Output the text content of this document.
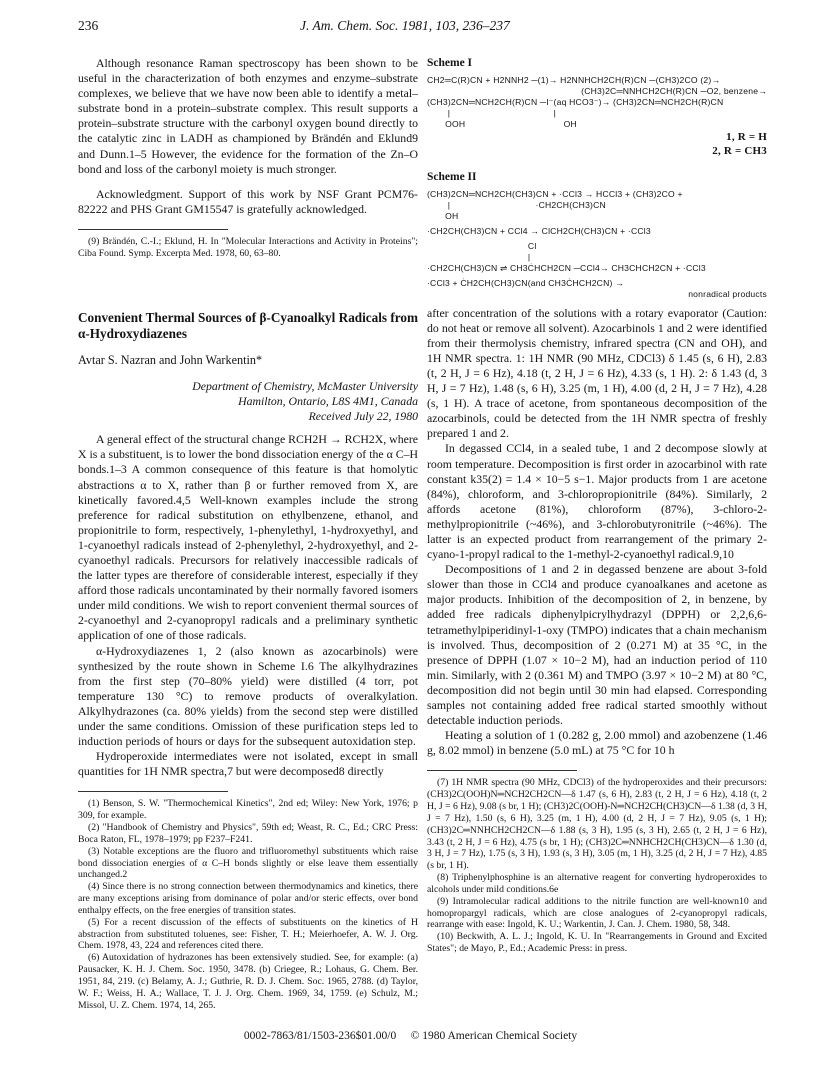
236	J. Am. Chem. Soc. 1981, 103, 236–237

Although resonance Raman spectroscopy has been shown to be useful in the characterization of both enzymes and enzyme–substrate complexes, we believe that we have now been able to identify a metal–substrate bond in a protein–substrate complex. This result supports a protein–substrate structure with the carbonyl oxygen bound directly to the catalytic zinc in LADH as championed by Brändén and Eklund9 and Dunn.1–5 However, the evidence for the formation of the Zn–O bond and loss of the carbonyl moiety is much stronger.

Acknowledgment. Support of this work by NSF Grant PCM76-82222 and PHS Grant GM15547 is gratefully acknowledged.

(9) Brändén, C.-I.; Eklund, H. In "Molecular Interactions and Activity in Proteins"; Ciba Found. Symp. Excerpta Med. 1978, 60, 63–80.

Convenient Thermal Sources of β-Cyanoalkyl Radicals from α-Hydroxydiazenes
Avtar S. Nazran and John Warkentin*
Department of Chemistry, McMaster University
Hamilton, Ontario, L8S 4M1, Canada
Received July 22, 1980

A general effect of the structural change RCH2H → RCH2X, where X is a substituent, is to lower the bond dissociation energy of the α C–H bonds.1–3 A common consequence of this feature is that homolytic abstractions α to X, rather than β or further removed from X, are kinetically favored.4,5 Well-known examples include the strong preference for radical substitution on ethylbenzene, ethanol, and propionitrile to form, respectively, 1-phenylethyl, 1-hydroxyethyl, and 1-cyanoethyl radicals instead of 2-phenylethyl, 2-hydroxyethyl, and 2-cyanoethyl radicals. Precursors for relatively inaccessible radicals of the latter types are therefore of considerable interest, especially if they afford those radicals uncontaminated by their normally favored isomers under mild conditions. We wish to report convenient thermal sources of 2-cyanoethyl and 2-cyanopropyl radicals and a preliminary synthetic application of one of those radicals.

α-Hydroxydiazenes 1, 2 (also known as azocarbinols) were synthesized by the route shown in Scheme I.6 The alkylhydrazines from the first step (70–80% yield) were distilled (4 torr, pot temperature 130 °C) to remove products of overalkylation. Alkylhydrazones (ca. 80% yields) from the second step were distilled under the same conditions. Omission of these purification steps led to induction periods of hours or days for the subsequent autoxidation step.

Hydroperoxide intermediates were not isolated, except in small quantities for 1H NMR spectra,7 but were decomposed8 directly

(1) Benson, S. W. "Thermochemical Kinetics", 2nd ed; Wiley: New York, 1976; p 309, for example.

(2) "Handbook of Chemistry and Physics", 59th ed; Weast, R. C., Ed.; CRC Press: Boca Raton, FL, 1978–1979; pp F237–F241.

(3) Notable exceptions are the fluoro and trifluoromethyl substituents which raise bond dissociation energies of α C–H bonds slightly or else leave them essentially unchanged.2

(4) Since there is no strong connection between thermodynamics and kinetics, there are many exceptions arising from dominance of polar and/or steric effects, over bond enthalpy effects, on the free energies of transition states.

(5) For a recent discussion of the effects of substituents on the kinetics of H abstraction from substituted toluenes, see: Fisher, T. H.; Meierhoefer, A. W. J. Org. Chem. 1978, 43, 224 and references cited there.

(6) Autoxidation of hydrazones has been extensively studied. See, for example: (a) Pausacker, K. H. J. Chem. Soc. 1950, 3478. (b) Criegee, R.; Lohaus, G. Chem. Ber. 1951, 84, 219. (c) Belamy, A. J.; Guthrie, R. D. J. Chem. Soc. 1965, 2788. (d) Taylor, W. F.; Weiss, H. A.; Wallace, T. J. J. Org. Chem. 1969, 34, 1759. (e) Schulz, M.; Missol, U. Z. Chem. 1974, 14, 265.

Scheme I
CH2═C(R)CN + H2NNH2 ─(1)→ H2NNHCH2CH(R)CN ─(CH3)2CO (2)→
(CH3)2C═NNHCH2CH(R)CN ─O2, benzene→
(CH3)2CN═NCH2CH(R)CN ─I⁻(aq HCO3⁻)→ (CH3)2CN═NCH2CH(R)CN
|                                        |
OOH                                      OH
1, R = H
2, R = CH3
Scheme II
(CH3)2CN═NCH2CH(CH3)CN + ·CCl3 → HCCl3 + (CH3)2CO +
|                                 ·CH2CH(CH3)CN
OH
·CH2CH(CH3)CN + CCl4 → ClCH2CH(CH3)CN + ·CCl3
Cl
|
·CH2CH(CH3)CN ⇌ CH3ĊHCH2CN ─CCl4→ CH3CHCH2CN + ·CCl3
·CCl3 + ĊH2CH(CH3)CN(and CH3ĊHCH2CN) →
nonradical products

after concentration of the solutions with a rotary evaporator (Caution: do not heat or remove all solvent). Azocarbinols 1 and 2 were identified from their thermolysis chemistry, infrared spectra (CN and OH), and 1H NMR spectra. 1: 1H NMR (90 MHz, CDCl3) δ 1.45 (s, 6 H), 2.83 (t, 2 H, J = 6 Hz), 4.18 (t, 2 H, J = 6 Hz), 4.33 (s, 1 H). 2: δ 1.43 (d, 3 H, J = 7 Hz), 1.48 (s, 6 H), 3.25 (m, 1 H), 4.00 (d, 2 H, J = 7 Hz), 4.28 (s, 1 H). A trace of acetone, from spontaneous decomposition of the azocarbinols, could be detected from the 1H NMR spectra of freshly prepared 1 and 2.

In degassed CCl4, in a sealed tube, 1 and 2 decompose slowly at room temperature. Decomposition is first order in azocarbinol with rate constant k35(2) = 1.4 × 10−5 s−1. Major products from 1 are acetone (84%), chloroform, and 3-chloropropionitrile (84%). Similarly, 2 affords acetone (81%), chloroform (87%), 3-chloro-2-methylpropionitrile (~46%), and 3-chlorobutyronitrile (~46%). The latter is an expected product from rearrangement of the primary 2-cyano-1-propyl radical to the 1-methyl-2-cyanoethyl radical.9,10

Decompositions of 1 and 2 in degassed benzene are about 3-fold slower than those in CCl4 and produce cyanoalkanes and acetone as major products. Inhibition of the decomposition of 2, in benzene, by added free radicals diphenylpicrylhydrazyl (DPPH) or 2,2,6,6-tetramethylpiperidinyl-1-oxy (TMPO) indicates that a chain mechanism is involved. Thus, decomposition of 2 (0.271 M) at 35 °C, in the presence of DPPH (1.07 × 10−2 M), had an induction period of 110 min. Similarly, with 2 (0.361 M) and TMPO (3.97 × 10−2 M) at 80 °C, decomposition did not begin until 30 min had elapsed. Corresponding samples not containing added free radical started smoothly without detectable induction periods.

Heating a solution of 1 (0.282 g, 2.00 mmol) and azobenzene (1.46 g, 8.02 mmol) in benzene (5.0 mL) at 75 °C for 10 h

(7) 1H NMR spectra (90 MHz, CDCl3) of the hydroperoxides and their precursors: (CH3)2C(OOH)N═NCH2CH2CN—δ 1.47 (s, 6 H), 2.83 (t, 2 H, J = 6 Hz), 4.18 (t, 2 H, J = 6 Hz), 9.08 (s br, 1 H); (CH3)2C(OOH)-N═NCH2CH(CH3)CN—δ 1.38 (d, 3 H, J = 7 Hz), 1.50 (s, 6 H), 3.25 (m, 1 H), 4.00 (d, 2 H, J = 7 Hz), 9.05 (s, 1 H); (CH3)2C═NNHCH2CH2CN—δ 1.88 (s, 3 H), 1.95 (s, 3 H), 2.65 (t, 2 H, J = 6 Hz), 3.43 (t, 2 H, J = 6 Hz), 4.75 (s br, 1 H); (CH3)2C═NNHCH2CH(CH3)CN—δ 1.30 (d, 3 H, J = 7 Hz), 1.75 (s, 3 H), 1.93 (s, 3 H), 3.05 (m, 1 H), 3.25 (d, 2 H, J = 7 Hz), 4.85 (s br, 1 H).

(8) Triphenylphosphine is an alternative reagent for converting hydroperoxides to alcohols under mild conditions.6e

(9) Intramolecular radical additions to the nitrile function are well-known10 and homopropargyl radicals, which are close analogues of 2-cyanopropyl radicals, rearrange with ease: Ingold, K. U.; Warkentin, J. Can. J. Chem. 1980, 58, 348.

(10) Beckwith, A. L. J.; Ingold, K. U. In "Rearrangements in Ground and Excited States"; de Mayo, P., Ed.; Academic Press: in press.

0002-7863/81/1503-236$01.00/0 © 1980 American Chemical Society
